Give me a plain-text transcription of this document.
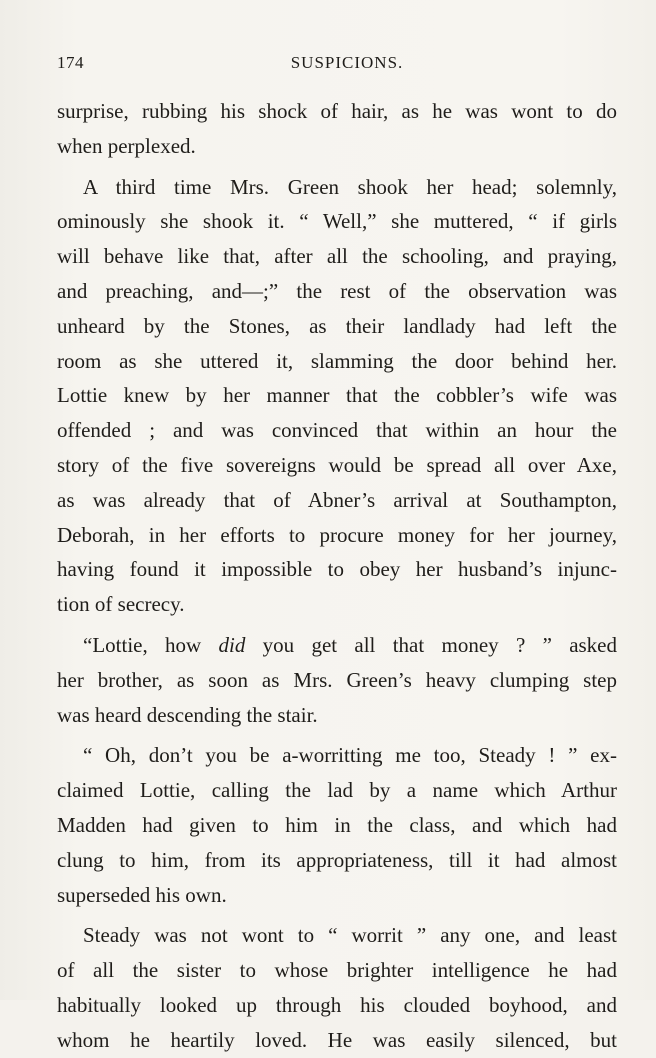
174	SUSPICIONS.
surprise, rubbing his shock of hair, as he was wont to do
when perplexed.
A third time Mrs. Green shook her head; solemnly,
ominously she shook it. “ Well,” she muttered, “ if girls
will behave like that, after all the schooling, and praying,
and preaching, and—;” the rest of the observation was
unheard by the Stones, as their landlady had left the
room as she uttered it, slamming the door behind her.
Lottie knew by her manner that the cobbler’s wife was
offended ; and was convinced that within an hour the
story of the five sovereigns would be spread all over Axe,
as was already that of Abner’s arrival at Southampton,
Deborah, in her efforts to procure money for her journey,
having found it impossible to obey her husband’s injunc-
tion of secrecy.
“Lottie, how did you get all that money ? ” asked
her brother, as soon as Mrs. Green’s heavy clumping step
was heard descending the stair.
“ Oh, don’t you be a-worritting me too, Steady ! ” ex-
claimed Lottie, calling the lad by a name which Arthur
Madden had given to him in the class, and which had
clung to him, from its appropriateness, till it had almost
superseded his own.
Steady was not wont to “ worrit ” any one, and least
of all the sister to whose brighter intelligence he had
habitually looked up through his clouded boyhood, and
whom he heartily loved. He was easily silenced, but
